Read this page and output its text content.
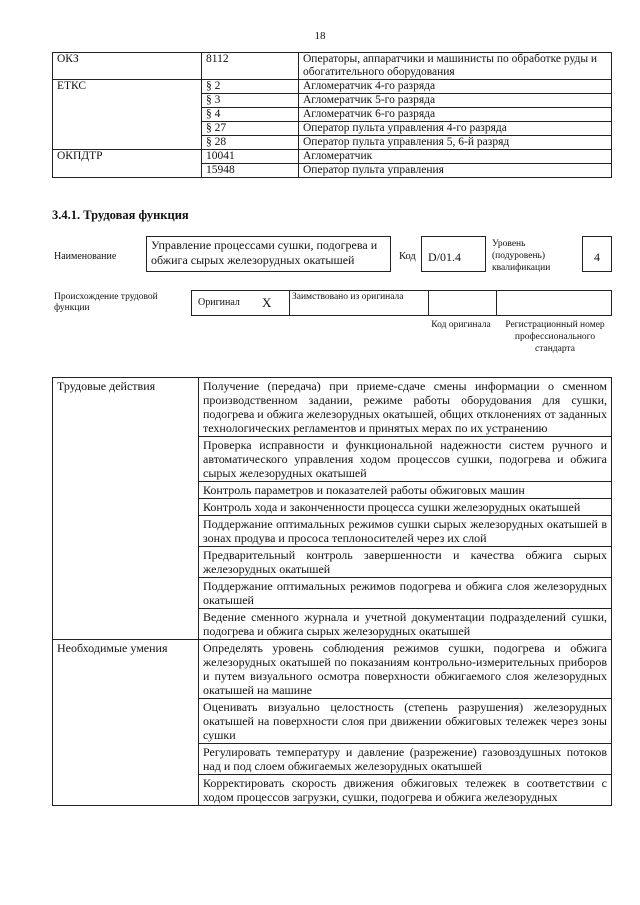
18
ОКЗ	8112	Операторы, аппаратчики и машинисты по обработке руды и обогатительного оборудования
ЕТКС	§ 2	Агломератчик 4-го разряда
	§ 3	Агломератчик 5-го разряда
	§ 4	Агломератчик 6-го разряда
	§ 27	Оператор пульта управления 4-го разряда
	§ 28	Оператор пульта управления 5, 6-й разряд
ОКПДТР	10041	Агломератчик
	15948	Оператор пульта управления
3.4.1. Трудовая функция
Наименование
Управление процессами сушки, подогрева и обжига сырых железорудных окатышей	Код	D/01.4
Уровень (подуровень) квалификации
4
Происхождение трудовой функции	Оригинал X Заимствовано из оригинала
Код оригинала	Регистрационный номер профессионального стандарта
Трудовые действия	Получение (передача) при приеме-сдаче смены информации о сменном производственном задании, режиме работы оборудования для сушки, подогрева и обжига железорудных окатышей, общих отклонениях от заданных технологических регламентов и принятых мерах по их устранению
	Проверка исправности и функциональной надежности систем ручного и автоматического управления ходом процессов сушки, подогрева и обжига сырых железорудных окатышей
	Контроль параметров и показателей работы обжиговых машин
	Контроль хода и законченности процесса сушки железорудных окатышей
	Поддержание оптимальных режимов сушки сырых железорудных окатышей в зонах продува и прососа теплоносителей через их слой
	Предварительный контроль завершенности и качества обжига сырых железорудных окатышей
	Поддержание оптимальных режимов подогрева и обжига слоя железорудных окатышей
	Ведение сменного журнала и учетной документации подразделений сушки, подогрева и обжига сырых железорудных окатышей
Необходимые умения	Определять уровень соблюдения режимов сушки, подогрева и обжига железорудных окатышей по показаниям контрольно-измерительных приборов и путем визуального осмотра поверхности обжигаемого слоя железорудных окатышей на машине
	Оценивать визуально целостность (степень разрушения) железорудных окатышей на поверхности слоя при движении обжиговых тележек через зоны сушки
	Регулировать температуру и давление (разрежение) газовоздушных потоков над и под слоем обжигаемых железорудных окатышей
	Корректировать скорость движения обжиговых тележек в соответствии с ходом процессов загрузки, сушки, подогрева и обжига железорудных
